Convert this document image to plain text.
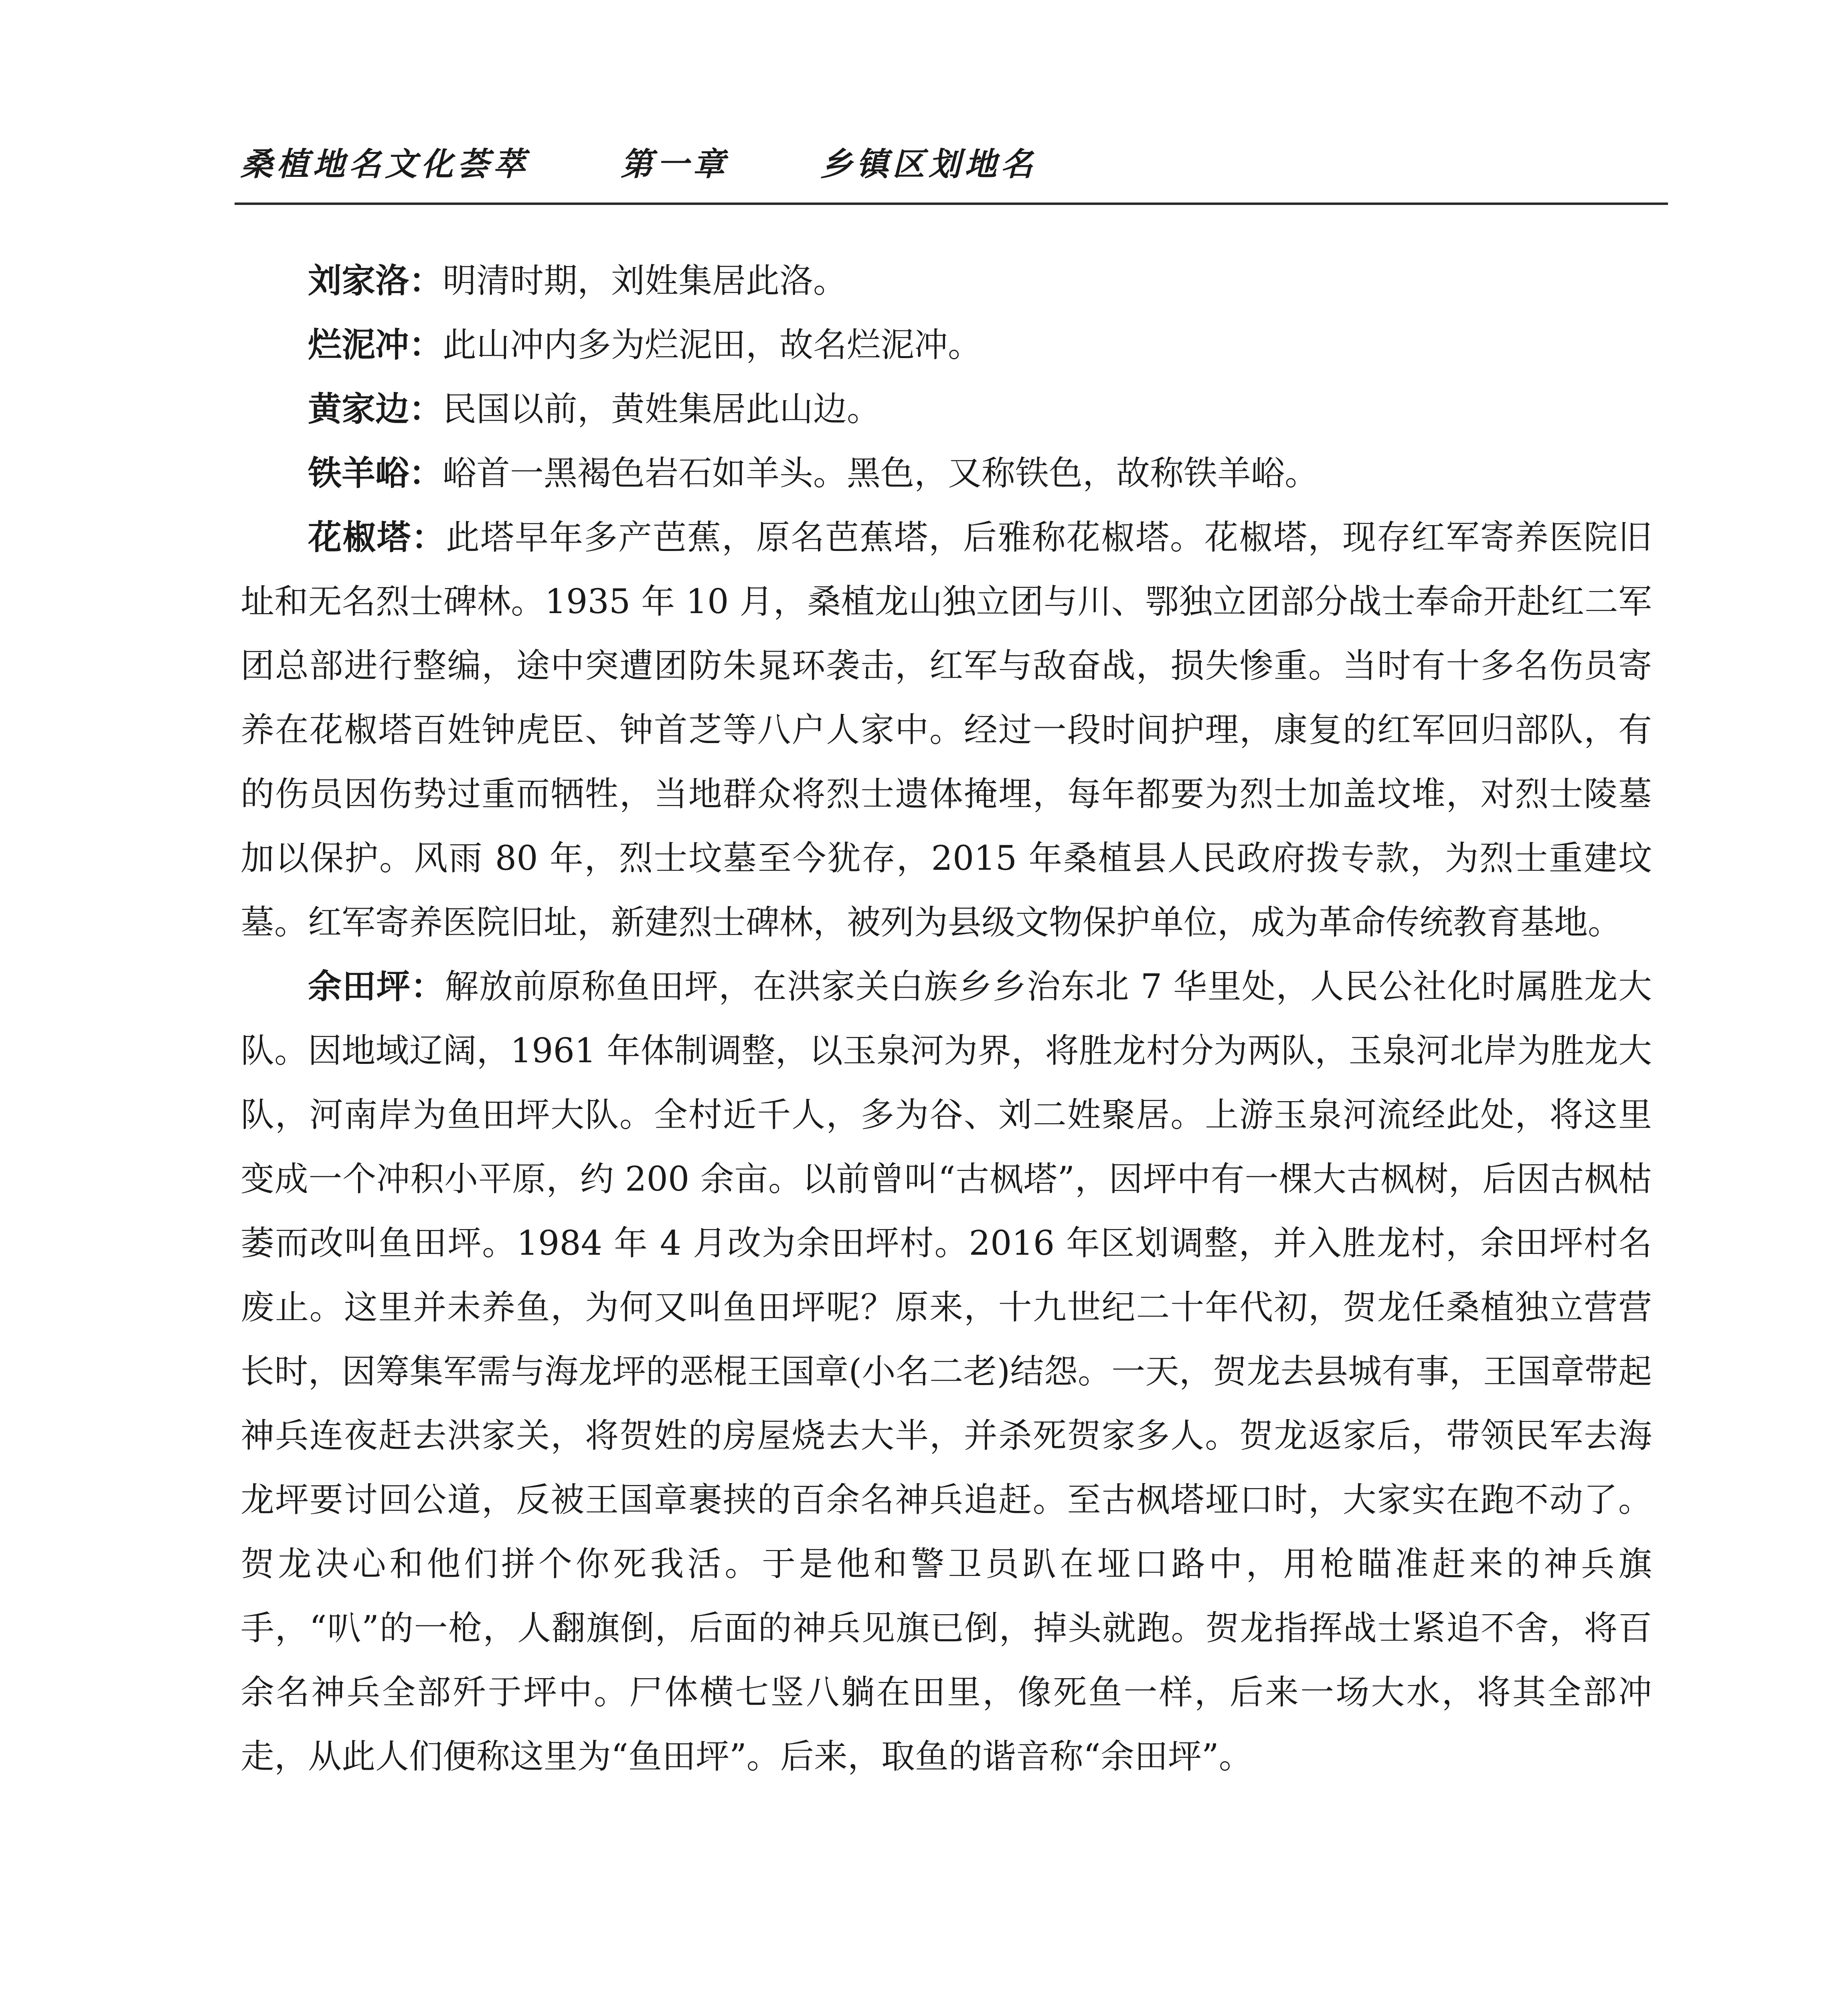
桑植地名文化荟萃	第一章	乡镇区划地名

刘家洛：明清时期，刘姓集居此洛。

烂泥冲：此山冲内多为烂泥田，故名烂泥冲。

黄家边：民国以前，黄姓集居此山边。

铁羊峪：峪首一黑褐色岩石如羊头。黑色，又称铁色，故称铁羊峪。

花椒塔：此塔早年多产芭蕉，原名芭蕉塔，后雅称花椒塔。花椒塔，现存红军寄养医院旧址和无名烈士碑林。1935 年 10 月，桑植龙山独立团与川、鄂独立团部分战士奉命开赴红二军团总部进行整编，途中突遭团防朱晁环袭击，红军与敌奋战，损失惨重。当时有十多名伤员寄养在花椒塔百姓钟虎臣、钟首芝等八户人家中。经过一段时间护理，康复的红军回归部队，有的伤员因伤势过重而牺牲，当地群众将烈士遗体掩埋，每年都要为烈士加盖坟堆，对烈士陵墓加以保护。风雨 80 年，烈士坟墓至今犹存，2015 年桑植县人民政府拨专款，为烈士重建坟墓。红军寄养医院旧址，新建烈士碑林，被列为县级文物保护单位，成为革命传统教育基地。

余田坪：解放前原称鱼田坪，在洪家关白族乡乡治东北 7 华里处，人民公社化时属胜龙大队。因地域辽阔，1961 年体制调整，以玉泉河为界，将胜龙村分为两队，玉泉河北岸为胜龙大队，河南岸为鱼田坪大队。全村近千人，多为谷、刘二姓聚居。上游玉泉河流经此处，将这里变成一个冲积小平原，约 200 余亩。以前曾叫“古枫塔”，因坪中有一棵大古枫树，后因古枫枯萎而改叫鱼田坪。1984 年 4 月改为余田坪村。2016 年区划调整，并入胜龙村，余田坪村名废止。这里并未养鱼，为何又叫鱼田坪呢？原来，十九世纪二十年代初，贺龙任桑植独立营营长时，因筹集军需与海龙坪的恶棍王国章(小名二老)结怨。一天，贺龙去县城有事，王国章带起神兵连夜赶去洪家关，将贺姓的房屋烧去大半，并杀死贺家多人。贺龙返家后，带领民军去海龙坪要讨回公道，反被王国章裹挟的百余名神兵追赶。至古枫塔垭口时，大家实在跑不动了。贺龙决心和他们拼个你死我活。于是他和警卫员趴在垭口路中，用枪瞄准赶来的神兵旗手，“叭”的一枪，人翻旗倒，后面的神兵见旗已倒，掉头就跑。贺龙指挥战士紧追不舍，将百余名神兵全部歼于坪中。尸体横七竖八躺在田里，像死鱼一样，后来一场大水，将其全部冲走，从此人们便称这里为“鱼田坪”。后来，取鱼的谐音称“余田坪”。
